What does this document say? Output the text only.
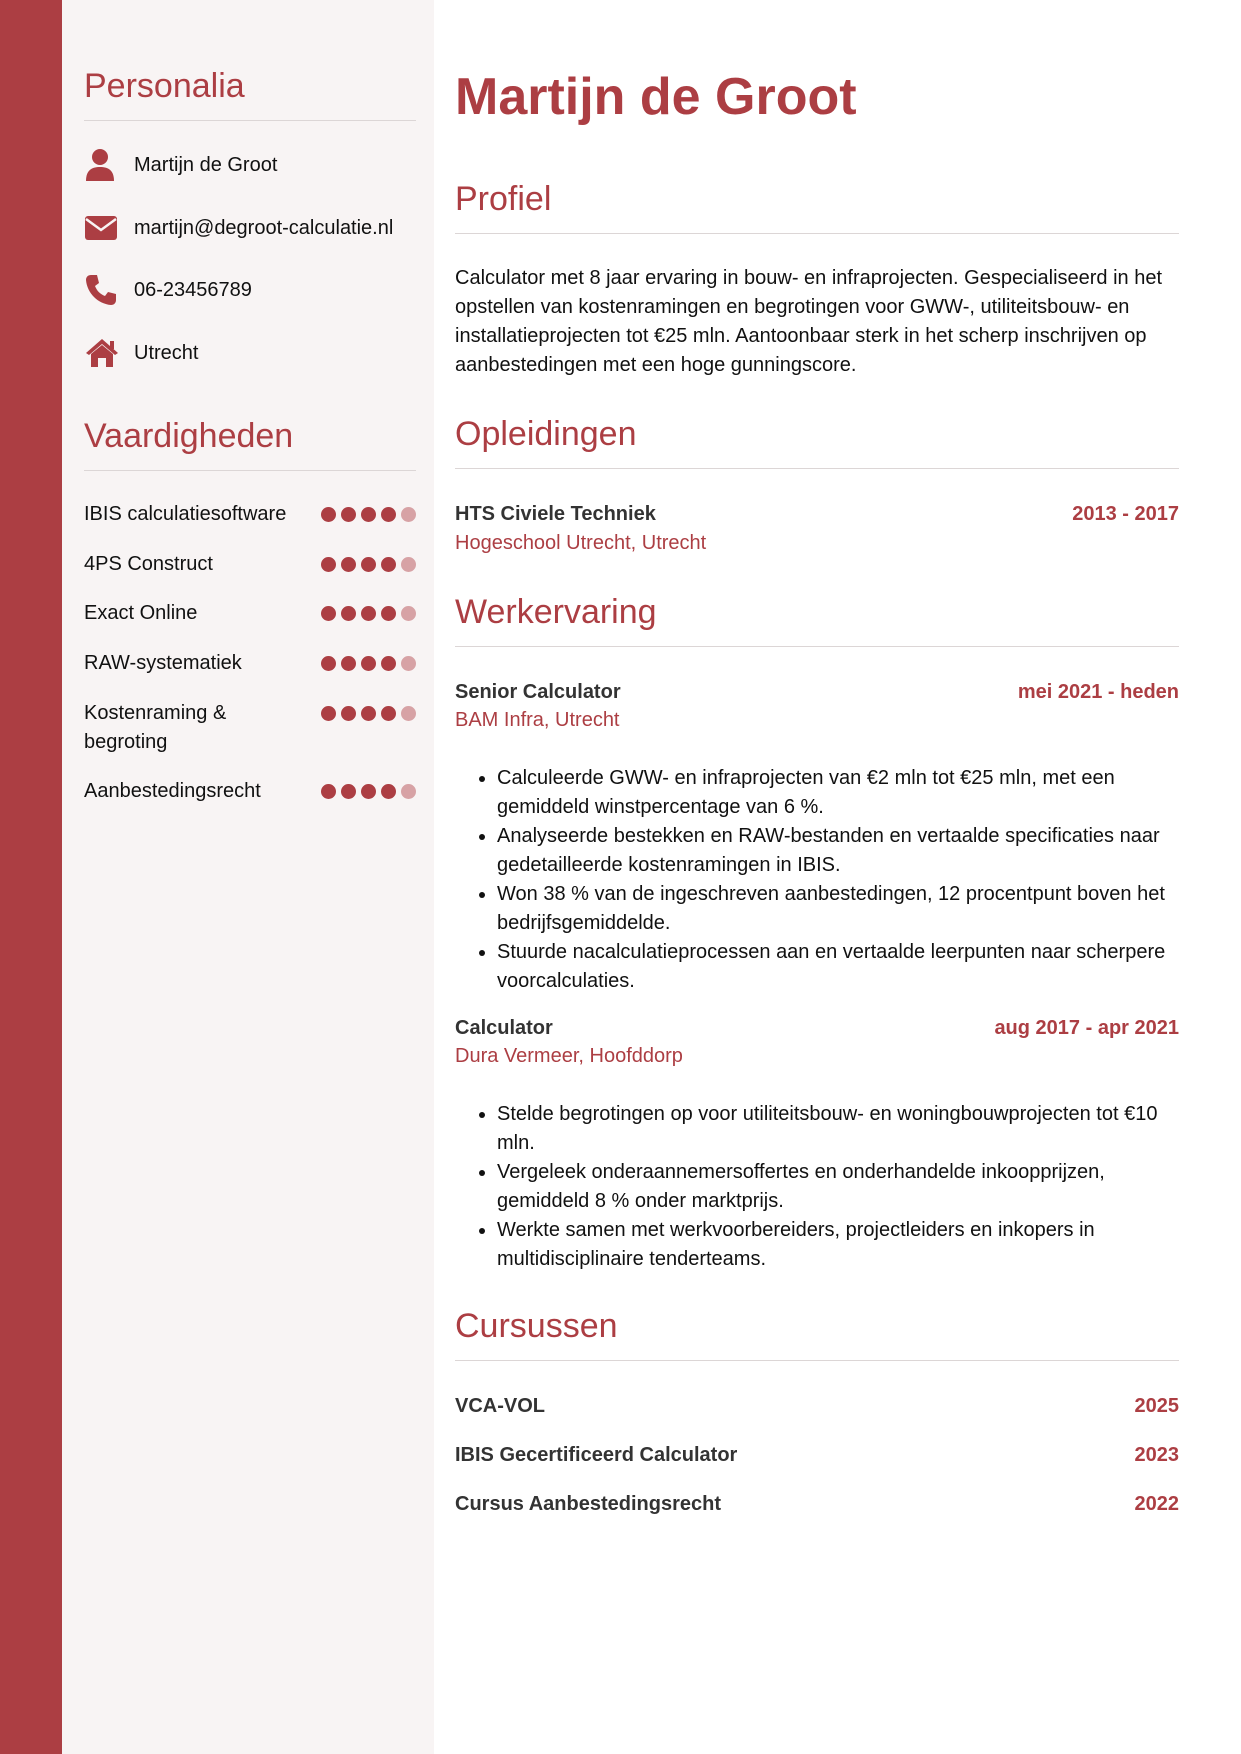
Personalia
Martijn de Groot
martijn@degroot-calculatie.nl
06-23456789
Utrecht
Vaardigheden
IBIS calculatiesoftware
4PS Construct
Exact Online
RAW-systematiek
Kostenraming & begroting
Aanbestedingsrecht
Martijn de Groot
Profiel

Calculator met 8 jaar ervaring in bouw- en infraprojecten. Gespecialiseerd in het opstellen van kostenramingen en begrotingen voor GWW-, utiliteitsbouw- en installatieprojecten tot €25 mln. Aantoonbaar sterk in het scherp inschrijven op aanbestedingen met een hoge gunningscore.

Opleidingen
HTS Civiele Techniek	2013 - 2017
Hogeschool Utrecht, Utrecht
Werkervaring
Senior Calculator	mei 2021 - heden
BAM Infra, Utrecht
• Calculeerde GWW- en infraprojecten van €2 mln tot €25 mln, met een gemiddeld winstpercentage van 6 %.
• Analyseerde bestekken en RAW-bestanden en vertaalde specificaties naar gedetailleerde kostenramingen in IBIS.
• Won 38 % van de ingeschreven aanbestedingen, 12 procentpunt boven het bedrijfsgemiddelde.
• Stuurde nacalculatieprocessen aan en vertaalde leerpunten naar scherpere voorcalculaties.
Calculator	aug 2017 - apr 2021
Dura Vermeer, Hoofddorp
• Stelde begrotingen op voor utiliteitsbouw- en woningbouwprojecten tot €10 mln.
• Vergeleek onderaannemersoffertes en onderhandelde inkoopprijzen, gemiddeld 8 % onder marktprijs.
• Werkte samen met werkvoorbereiders, projectleiders en inkopers in multidisciplinaire tenderteams.
Cursussen
VCA-VOL	2025
IBIS Gecertificeerd Calculator	2023
Cursus Aanbestedingsrecht	2022
